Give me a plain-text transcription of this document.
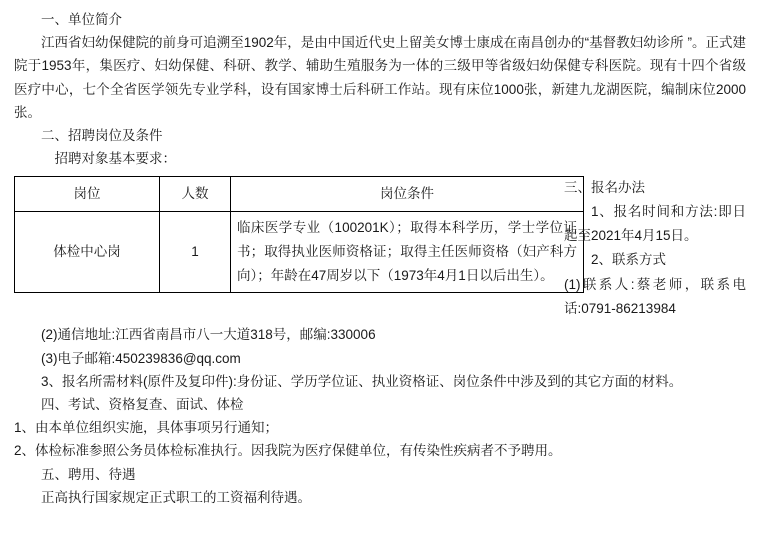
一、单位简介

江西省妇幼保健院的前身可追溯至1902年，是由中国近代史上留美女博士康成在南昌创办的“基督教妇幼诊所 ”。正式建院于1953年，集医疗、妇幼保健、科研、教学、辅助生殖服务为一体的三级甲等省级妇幼保健专科医院。现有十四个省级医疗中心，七个全省医学领先专业学科，设有国家博士后科研工作站。现有床位1000张，新建九龙湖医院，编制床位2000张。

二、招聘岗位及条件

招聘对象基本要求：

岗位	人数	岗位条件
体检中心岗	1	临床医学专业（100201K）；取得本科学历，学士学位证书；取得执业医师资格证；取得主任医师资格（妇产科方向）；年龄在47周岁以下（1973年4月1日以后出生）。

三、报名办法

1、报名时间和方法:即日起至2021年4月15日。

2、联系方式

(1)联系人:蔡老师，联系电话:0791-86213984

(2)通信地址:江西省南昌市八一大道318号，邮编:330006

(3)电子邮箱:450239836@qq.com

3、报名所需材料(原件及复印件):身份证、学历学位证、执业资格证、岗位条件中涉及到的其它方面的材料。

四、考试、资格复查、面试、体检

1、由本单位组织实施，具体事项另行通知；

2、体检标准参照公务员体检标准执行。因我院为医疗保健单位，有传染性疾病者不予聘用。

五、聘用、待遇

正高执行国家规定正式职工的工资福利待遇。
